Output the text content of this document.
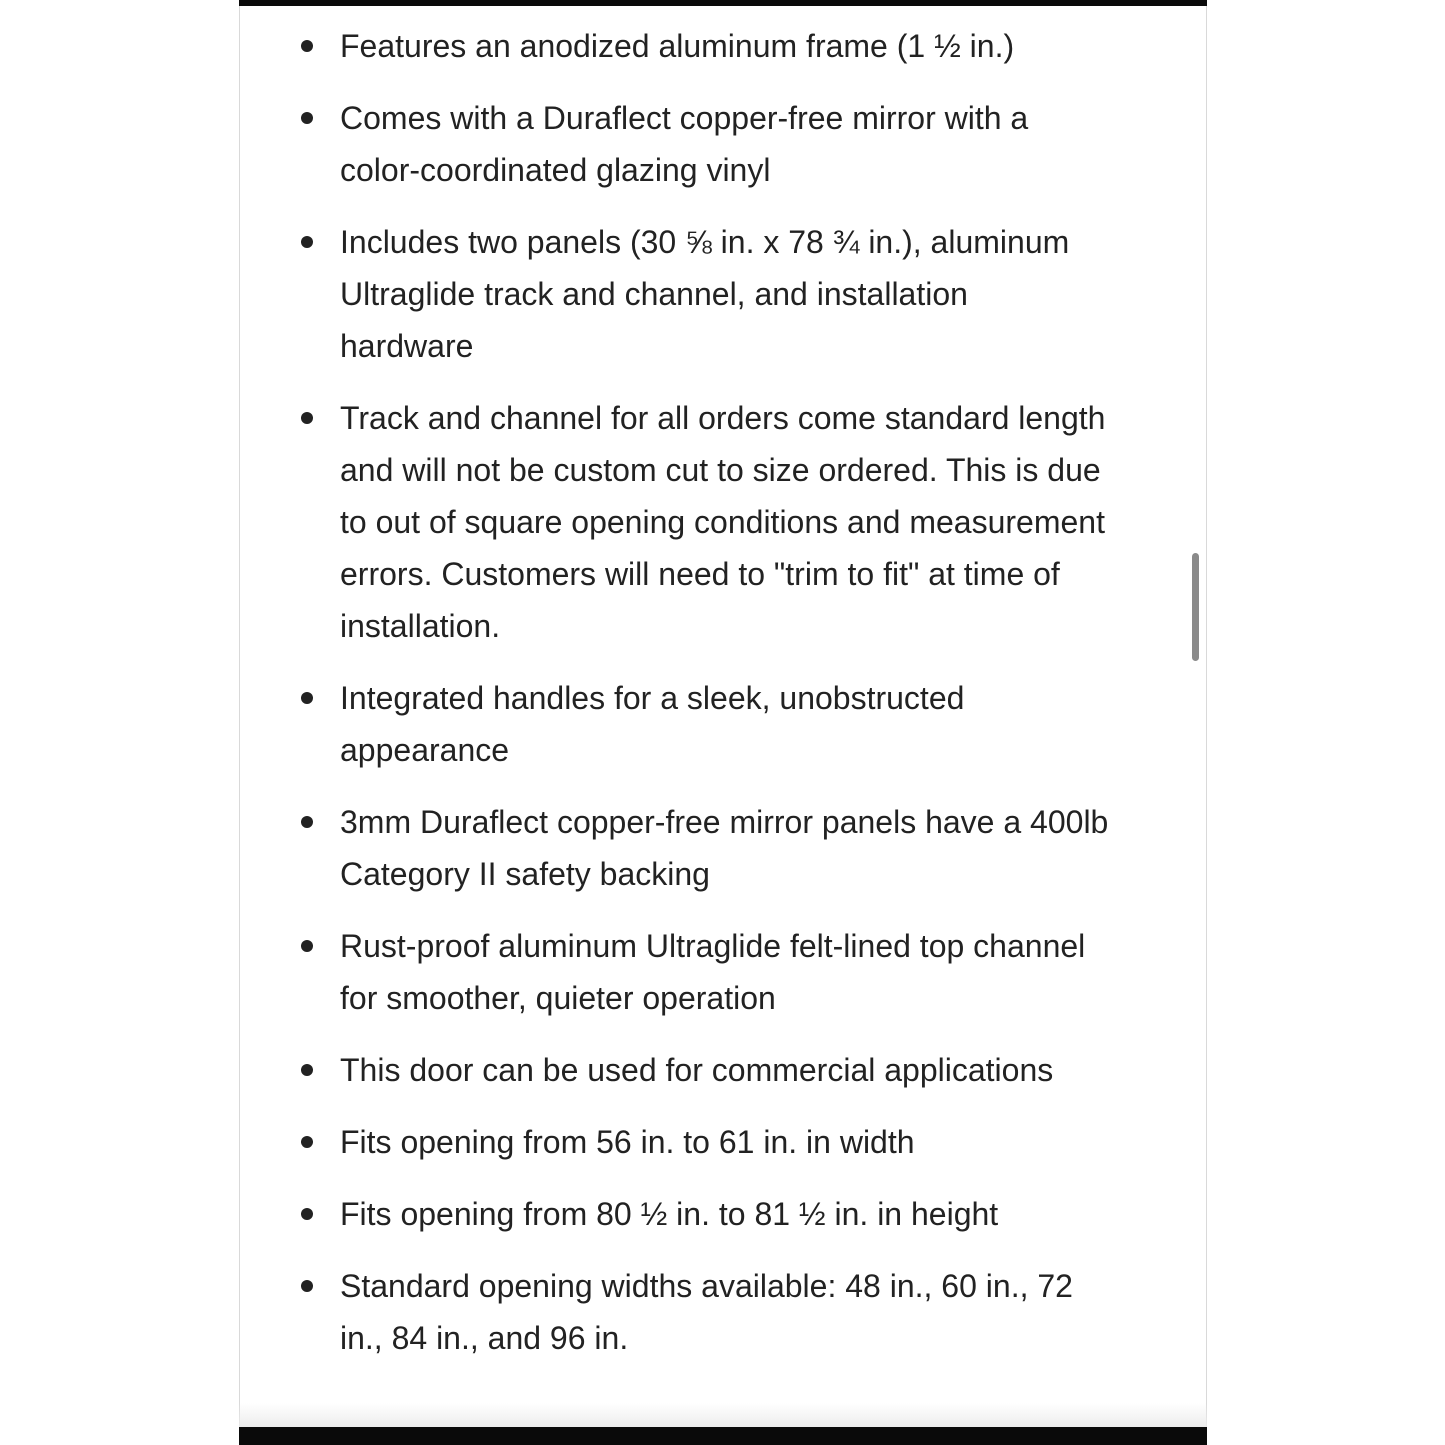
Features an anodized aluminum frame (1 ½ in.)
Comes with a Duraflect copper-free mirror with a color-coordinated glazing vinyl
Includes two panels (30 ⅝ in. x 78 ¾ in.), aluminum Ultraglide track and channel, and installation hardware
Track and channel for all orders come standard length and will not be custom cut to size ordered. This is due to out of square opening conditions and measurement errors. Customers will need to "trim to fit" at time of installation.
Integrated handles for a sleek, unobstructed appearance
3mm Duraflect copper-free mirror panels have a 400lb Category II safety backing
Rust-proof aluminum Ultraglide felt-lined top channel for smoother, quieter operation
This door can be used for commercial applications
Fits opening from 56 in. to 61 in. in width
Fits opening from 80 ½ in. to 81 ½ in. in height
Standard opening widths available: 48 in., 60 in., 72 in., 84 in., and 96 in.
